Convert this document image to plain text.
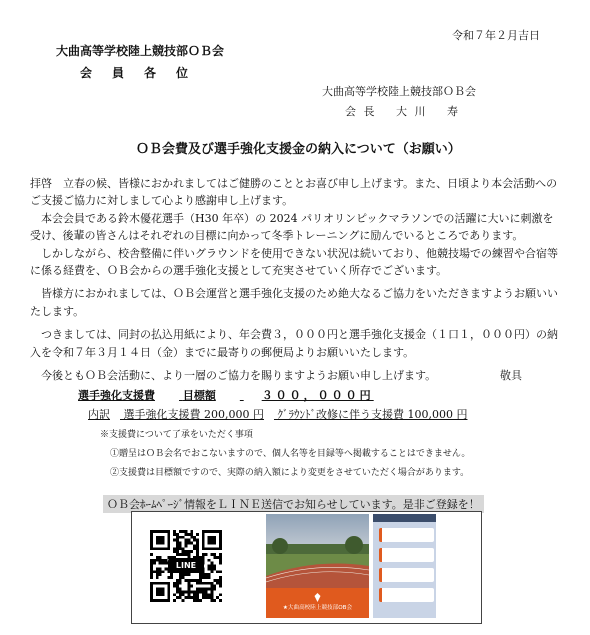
令和７年２月吉日
大曲高等学校陸上競技部ＯＢ会
会員各位
大曲高等学校陸上競技部ＯＢ会
会 長 大 川 寿
ＯＢ会費及び選手強化支援金の納入について（お願い）

拝啓　立春の候、皆様におかれましてはご健勝のこととお喜び申し上げます。また、日頃より本会活動へのご支援ご協力に対しまして心より感謝申し上げます。

本会会員である鈴木優花選手（H30 年卒）の 2024 パリオリンピックマラソンでの活躍に大いに刺激を受け、後輩の皆さんはそれぞれの目標に向かって冬季トレーニングに励んでいるところであります。

しかしながら、校舎整備に伴いグラウンドを使用できない状況は続いており、他競技場での練習や合宿等に係る経費を、ＯＢ会からの選手強化支援として充実させていく所存でございます。

皆様方におかれましては、ＯＢ会運営と選手強化支援のため絶大なるご協力をいただきますようお願いいたします。

つきましては、同封の払込用紙により、年会費３，０００円と選手強化支援金（１口１，０００円）の納入を令和７年３月１４日（金）までに最寄りの郵便局よりお願いいたします。

今後ともＯＢ会活動に、より一層のご協力を賜りますようお願い申し上げます。	敬具

選手強化支援費	目標額	３００，０００円
内訳 選手強化支援費 200,000 円 ｸﾞﾗｳﾝﾄﾞ改修に伴う支援費 100,000 円
※支援費について了承をいただく事項
①贈呈はＯＢ会名でおこないますので、個人名等を目録等へ掲載することはできません。
②支援費は目標額ですので、実際の納入額により変更をさせていただく場合があります。
ＯＢ会ﾎｰﾑﾍﾟｰｼﾞ情報をＬＩＮＥ送信でお知らせしています。是非ご登録を！
LINE
★大曲高校陸上競技部OB会
